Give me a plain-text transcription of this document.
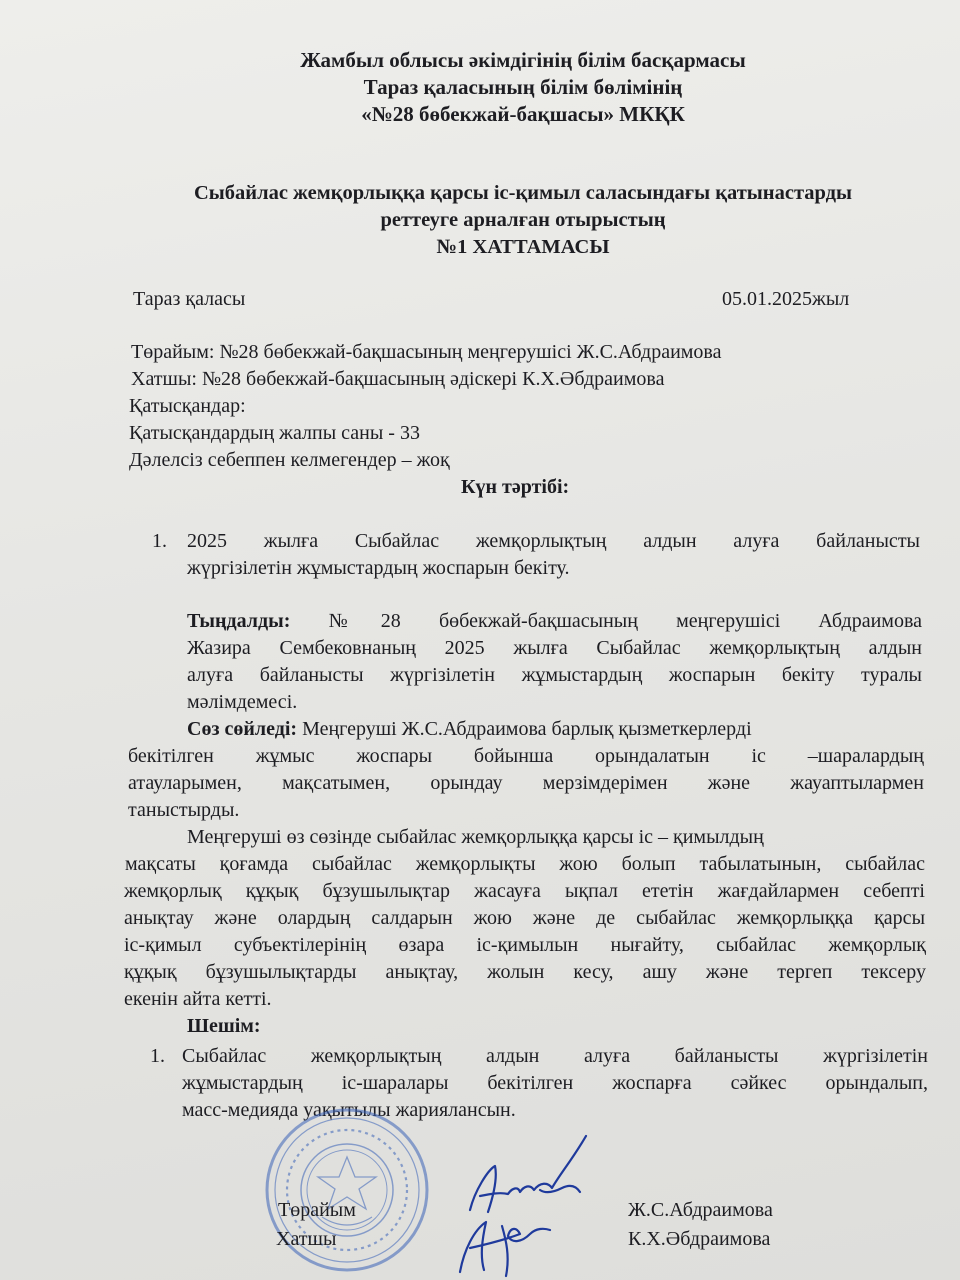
Жамбыл облысы әкімдігінің білім басқармасы
Тараз қаласының білім бөлімінің
«№28 бөбекжай-бақшасы» МКҚК
Сыбайлас жемқорлыққа қарсы іс-қимыл саласындағы қатынастарды
реттеуге арналған отырыстың
№1 ХАТТАМАСЫ
Тараз қаласы	05.01.2025жыл
Төрайым: №28 бөбекжай-бақшасының меңгерушісі Ж.С.Абдраимова
Хатшы: №28 бөбекжай-бақшасының әдіскері К.Х.Әбдраимова
Қатысқандар:
Қатысқандардың жалпы саны - 33
Дәлелсіз себеппен келмегендер – жоқ
Күн тәртібі:
1. 2025 жылға Сыбайлас жемқорлықтың алдын алуға байланысты
жүргізілетін жұмыстардың жоспарын бекіту.
Тыңдалды: №28 бөбекжай-бақшасының меңгерушісі Абдраимова
Жазира Сембековнаның 2025 жылға Сыбайлас жемқорлықтың алдын
алуға байланысты жүргізілетін жұмыстардың жоспарын бекіту туралы
мәлімдемесі.
Сөз сөйледі: Меңгеруші Ж.С.Абдраимова барлық қызметкерлерді
бекітілген жұмыс жоспары бойынша орындалатын іс –шаралардың
атауларымен, мақсатымен, орындау мерзімдерімен және жауаптылармен
таныстырды.
Меңгеруші өз сөзінде сыбайлас жемқорлыққа қарсы іс – қимылдың
мақсаты қоғамда сыбайлас жемқорлықты жою болып табылатынын, сыбайлас
жемқорлық құқық бұзушылықтар жасауға ықпал ететін жағдайлармен себепті
анықтау және олардың салдарын жою және де сыбайлас жемқорлыққа қарсы
іс-қимыл субъектілерінің өзара іс-қимылын нығайту, сыбайлас жемқорлық
құқық бұзушылықтарды анықтау, жолын кесу, ашу және тергеп тексеру
екенін айта кетті.
Шешім:
1. Сыбайлас жемқорлықтың алдын алуға байланысты жүргізілетін
жұмыстардың іс-шаралары бекітілген жоспарға сәйкес орындалып,
масс-медияда уақытылы жариялансын.
Төрайым	Ж.С.Абдраимова
Хатшы	К.Х.Әбдраимова
